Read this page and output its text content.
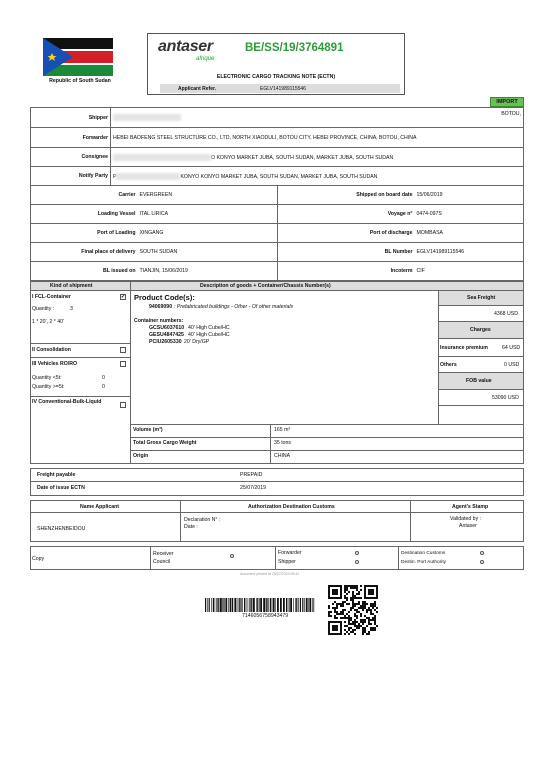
Republic of South Sudan
antaser
afrique
BE/SS/19/3764891
ELECTRONIC CARGO TRACKING NOTE (ECTN)
Applicant Refer.	EGLV141989115546
IMPORT
Shipper	BOTOU,

Forwarder	HEBEI BAOFENG STEEL STRUCTURE CO., LTD, NORTH XIAODULI, BOTOU CITY, HEBEI PROVINCE, CHINA, BOTOU, CHINA
Consignee	O KONYO MARKET JUBA, SOUTH SUDAN, MARKET JUBA, SOUTH SUDAN
Notify Party	P KONYO KONYO MARKET JUBA, SOUTH SUDAN, MARKET JUBA, SOUTH SUDAN
Carrier	EVERGREEN	Shipped on board date	15/06/2019
Loading Vessel	ITAL LIRICA	Voyage n°	0474-097S
Port of Loading	XINGANG	Port of discharge	MOMBASA
Final place of delivery	SOUTH SUDAN	BL Number	EGLV141989115546
BL issued on	TIANJIN, 15/06/2019	Incoterm	CIF
Kind of shipment	Description of goods + Container/Chassis Number(s)
I FCL-Container	✔
Quantity :	3
1 * 20', 2 * 40'
II Consolidation
III Vehicles RO/RO
Quantity <5t:	0
Quantity >=5t:	0
IV Conventional-Bulk-Liquid
Product Code(s):
94069090 : Prefabricated buildings - Other - Of other materials
Container numbers:
GCSU6037610 40' High Cube/HC
GESU4847425 40' High Cube/HC
PCIU2605330 20' Dry/GP
Sea Freight
4368 USD
Charges
Insurance premium	64 USD
Others	0 USD
FOB value
53090 USD
Volume (m³)	165 m³
Total Gross Cargo Weight	35 tons
Origin	CHINA
Freight payable	PREPAID
Date of issue ECTN	25/07/2019
Name Applicant	Authorization Destination Customs	Agent's Stamp
SHENZHENBEIDOU
Declaration N° :
Date :
Validated by :
Antaser
Copy
Receiver Council
Forwarder
Shipper
Destination Customs
Destin. Port Authority
document printed at 25/07/2019 09:42
7146056758943479
